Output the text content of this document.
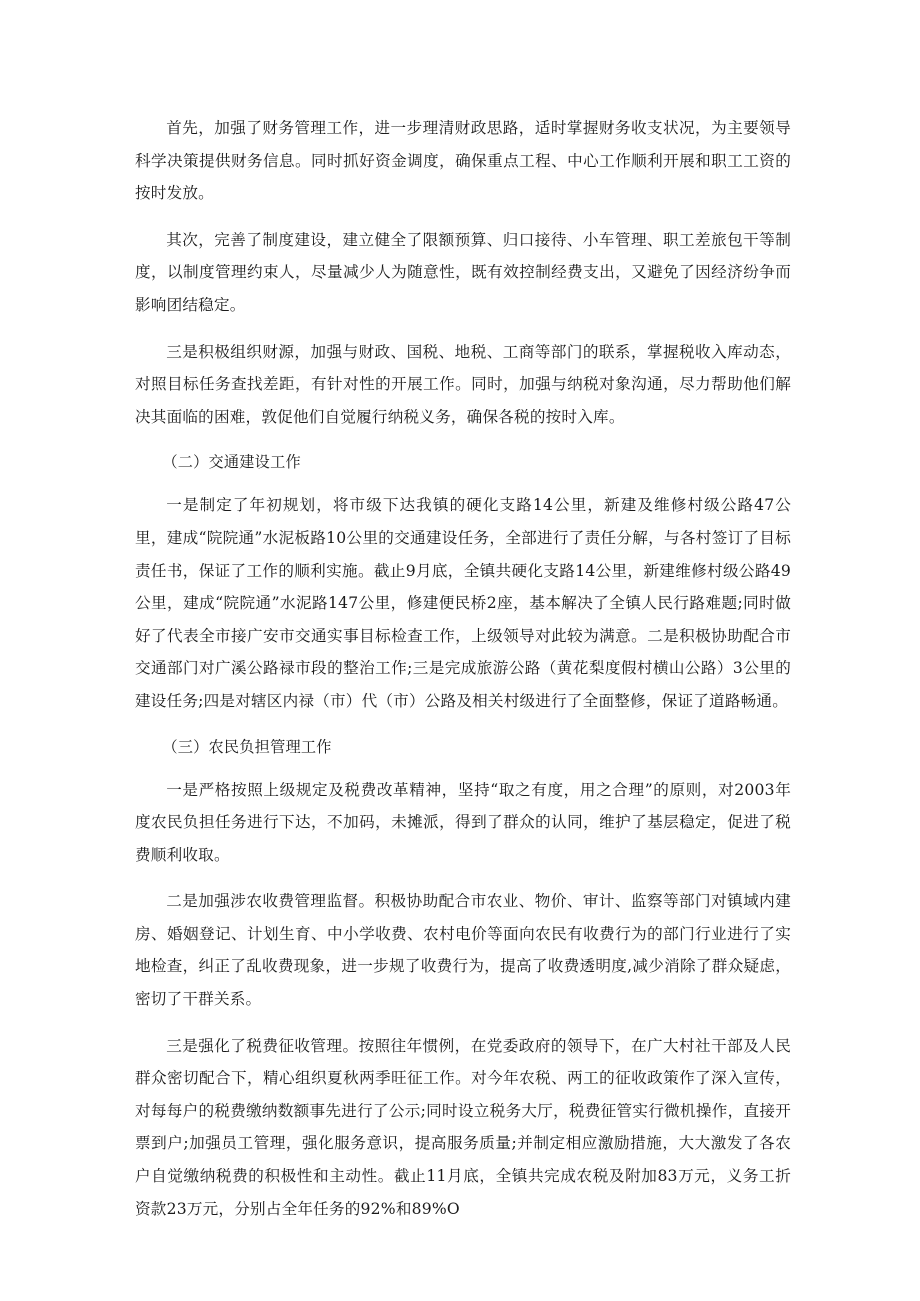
首先，加强了财务管理工作，进一步理清财政思路，适时掌握财务收支状况，为主要领导科学决策提供财务信息。同时抓好资金调度，确保重点工程、中心工作顺利开展和职工工资的按时发放。

其次，完善了制度建设，建立健全了限额预算、归口接待、小车管理、职工差旅包干等制度，以制度管理约束人，尽量减少人为随意性，既有效控制经费支出，又避免了因经济纷争而影响团结稳定。

三是积极组织财源，加强与财政、国税、地税、工商等部门的联系，掌握税收入库动态，对照目标任务查找差距，有针对性的开展工作。同时，加强与纳税对象沟通，尽力帮助他们解决其面临的困难，敦促他们自觉履行纳税义务，确保各税的按时入库。

（二）交通建设工作

一是制定了年初规划，将市级下达我镇的硬化支路14公里，新建及维修村级公路47公里，建成“院院通”水泥板路10公里的交通建设任务，全部进行了责任分解，与各村签订了目标责任书，保证了工作的顺利实施。截止9月底，全镇共硬化支路14公里，新建维修村级公路49公里，建成“院院通”水泥路147公里，修建便民桥2座，基本解决了全镇人民行路难题;同时做好了代表全市接广安市交通实事目标检查工作，上级领导对此较为满意。二是积极协助配合市交通部门对广溪公路禄市段的整治工作;三是完成旅游公路（黄花梨度假村横山公路）3公里的建设任务;四是对辖区内禄（市）代（市）公路及相关村级进行了全面整修，保证了道路畅通。

（三）农民负担管理工作

一是严格按照上级规定及税费改革精神，坚持“取之有度，用之合理”的原则，对2003年度农民负担任务进行下达，不加码，未摊派，得到了群众的认同，维护了基层稳定，促进了税费顺利收取。

二是加强涉农收费管理监督。积极协助配合市农业、物价、审计、监察等部门对镇域内建房、婚姻登记、计划生育、中小学收费、农村电价等面向农民有收费行为的部门行业进行了实地检查，纠正了乱收费现象，进一步规了收费行为，提高了收费透明度,减少消除了群众疑虑，密切了干群关系。

三是强化了税费征收管理。按照往年惯例，在党委政府的领导下，在广大村社干部及人民群众密切配合下，精心组织夏秋两季旺征工作。对今年农税、两工的征收政策作了深入宣传，对每每户的税费缴纳数额事先进行了公示;同时设立税务大厅，税费征管实行微机操作，直接开票到户;加强员工管理，强化服务意识，提高服务质量;并制定相应激励措施，大大激发了各农户自觉缴纳税费的积极性和主动性。截止11月底，全镇共完成农税及附加83万元，义务工折资款23万元，分别占全年任务的92%和89%O
